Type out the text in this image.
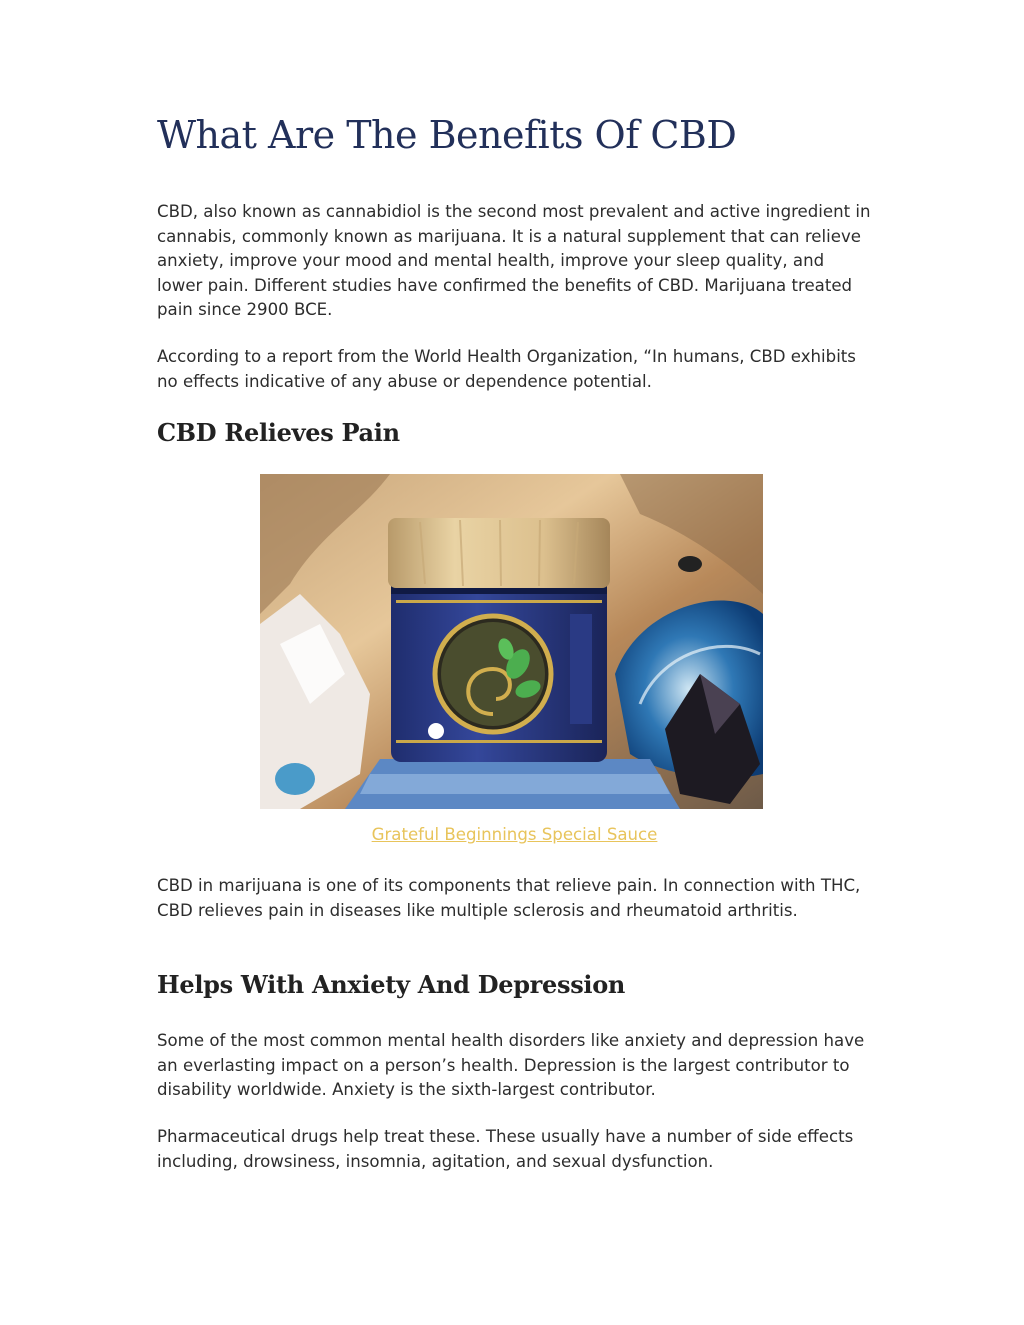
What Are The Benefits Of CBD

CBD, also known as cannabidiol is the second most prevalent and active ingredient in cannabis, commonly known as marijuana. It is a natural supplement that can relieve anxiety, improve your mood and mental health, improve your sleep quality, and lower pain. Different studies have confirmed the benefits of CBD. Marijuana treated pain since 2900 BCE.

According to a report from the World Health Organization, “In humans, CBD exhibits no effects indicative of any abuse or dependence potential.

CBD Relieves Pain
Grateful Beginnings Special Sauce

CBD in marijuana is one of its components that relieve pain. In connection with THC, CBD relieves pain in diseases like multiple sclerosis and rheumatoid arthritis.

Helps With Anxiety And Depression

Some of the most common mental health disorders like anxiety and depression have an everlasting impact on a person’s health. Depression is the largest contributor to disability worldwide. Anxiety is the sixth-largest contributor.

Pharmaceutical drugs help treat these. These usually have a number of side effects including, drowsiness, insomnia, agitation, and sexual dysfunction.
